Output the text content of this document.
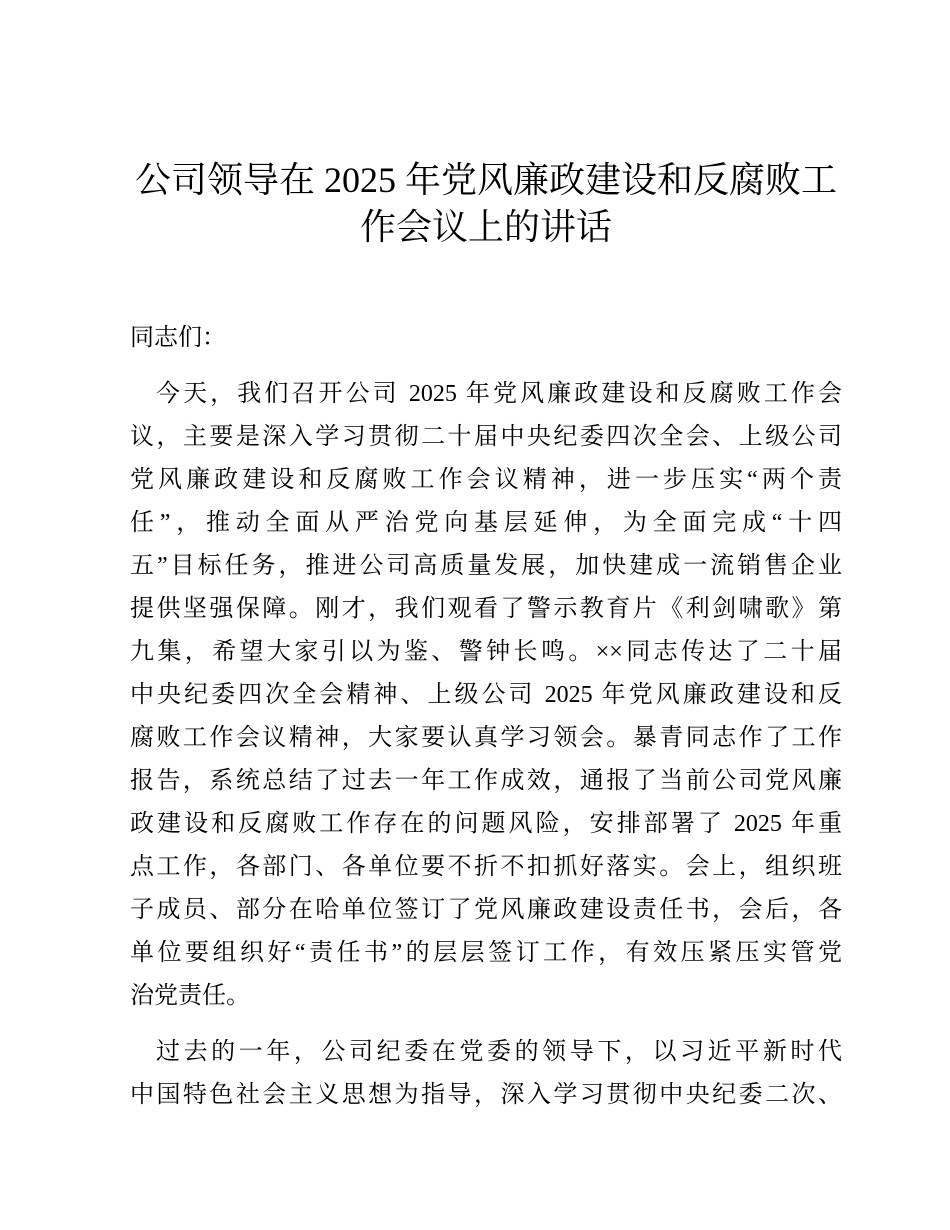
公司领导在 2025 年党风廉政建设和反腐败工
作会议上的讲话

同志们：

今天，我们召开公司 2025 年党风廉政建设和反腐败工作会
议，主要是深入学习贯彻二十届中央纪委四次全会、上级公司
党风廉政建设和反腐败工作会议精神，进一步压实“两个责
任”，推动全面从严治党向基层延伸，为全面完成“十四
五”目标任务，推进公司高质量发展，加快建成一流销售企业
提供坚强保障。刚才，我们观看了警示教育片《利剑啸歌》第
九集，希望大家引以为鉴、警钟长鸣。××同志传达了二十届
中央纪委四次全会精神、上级公司 2025 年党风廉政建设和反
腐败工作会议精神，大家要认真学习领会。暴青同志作了工作
报告，系统总结了过去一年工作成效，通报了当前公司党风廉
政建设和反腐败工作存在的问题风险，安排部署了 2025 年重
点工作，各部门、各单位要不折不扣抓好落实。会上，组织班
子成员、部分在哈单位签订了党风廉政建设责任书，会后，各
单位要组织好“责任书”的层层签订工作，有效压紧压实管党
治党责任。
过去的一年，公司纪委在党委的领导下，以习近平新时代
中国特色社会主义思想为指导，深入学习贯彻中央纪委二次、
